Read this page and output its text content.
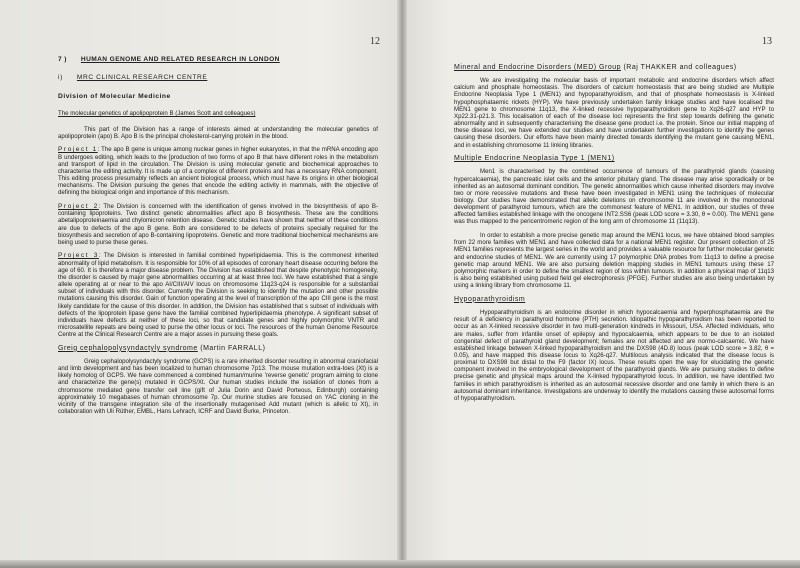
12
7 ) HUMAN GENOME AND RELATED RESEARCH IN LONDON
i) MRC CLINICAL RESEARCH CENTRE
Division of Molecular Medicine
The molecular genetics of apolipoprotein B (James Scott and colleagues)

This part of the Division has a range of interests aimed at understanding the molecular genetics of apolipoprotein (apo) B. Apo B is the principal cholesterol-carrying protein in the blood.

Project 1: The apo B gene is unique among nuclear genes in higher eukaryotes, in that the mRNA encoding apo B undergoes editing, which leads to the [production of two forms of apo B that have different roles in the metabolism and transport of lipid in the circulation. The Division is using molecular genetic and biochemical approaches to characterise the editing activity. It is made up of a complex of different proteins and has a necessary RNA component. This editing process presumably reflects an ancient biological process, which must have its origins in other biological mechanisms. The Division pursuing the genes that encode the editing activity in mammals, with the objective of defining the biological origin and importance of this mechanism.

Project 2: The Division is concerned with the identification of genes involved in the biosynthesis of apo B-containing lipoproteins. Two distinct genetic abnormalities affect apo B biosynthesis. These are the conditions abetalipoproteinaemia and chylomicron retention disease. Genetic studies have shown that neither of these conditions are due to defects of the apo B gene. Both are considered to be defects of proteins specially required for the biosynthesis and secretion of apo B-containing lipoproteins. Genetic and more traditional biochemical mechanisms are being used to purse these genes.

Project 3: The Division is interested in familial combined hyperlipidaemia. This is the commonest inherited abnormality of lipid metabolism. It is responsible for 10% of all episodes of coronary heart disease occurring before the age of 60. It is therefore a major disease problem. The Division has established that despite phenotypic homogeneity, the disorder is caused by major gene abnormalities occurring at at least three loci. We have established that a single allele operating at or near to the apo AI/CIII/AIV locus on chromosome 11q23-q24 is responsible for a substantial subset of individuals with this disorder. Currently the Division is seeking to identify the mutation and other possible mutations causing this disorder. Gain of function operating at the level of transcription of the apo CIII gene is the most likely candidate for the cause of this disorder. In addition, the Division has established that s subset of individuals with defects of the lipoprotein lipase gene have the familial combined hyperlipidaemia phenotype. A significant subset of individuals have defects at neither of these loci, so that candidate genes and highly polymorphic VNTR and microsatellite repeats are being used to purse the other locus or loci. The resources of the human Genome Resource Centre at the Clinical Research Centre are a major asses in pursuing these goals.

Greig cephalopolysyndactyly syndrome (Martin FARRALL)

Greig cephalopolysyndactyly syndrome (GCPS) is a rare inherited disorder resulting in abnormal craniofacial and limb development and has been localized to human chromosome 7p13. The mouse mutation extra-toes (Xt) is a likely homolog of GCPS. We have commenced a combined human/murine 'reverse genetic' program aiming to clone and characterize the gene(s) mutated in GCPS/Xt. Our human studies include the isolation of clones from a chromosome mediated gene transfer cell line (gift of Julia Dorin and David Porteous, Edinburgh) containing approximately 10 megabases of human chromosome 7p. Our murine studies are focused on YAC cloning in the vicinity of the transgene integration site of the insertionally mutagenised Add mutant (which is allelic to Xt), in collaboration with Uli Rüther, EMBL, Hans Lehrach, ICRF and David Burke, Princeton.

13
Mineral and Endocrine Disorders (MED) Group (Raj THAKKER and colleagues)

We are investigating the molecular basis of important metabolic and endocrine disorders which affect calcium and phosphate homeostasis. The disorders of calcium homeostasis that are being studied are Multiple Endocrine Neoplasia Type 1 (MEN1) and hypoparathyroidism, and that of phosphate homeostasis is X-linked hypophosphataemic rickets (HYP). We have previously undertaken family linkage studies and have localised the MEN1 gene to chromosome 11q13, the X-linked recessive hypoparathyroidism gene to Xq26-q27 and HYP to Xp22.31-p21.3. This localisation of each of the disease loci represents the first step towards defining the genetic abnormality and in subsequently characterising the disease gene product i.e. the protein. Since our initial mapping of these disease loci, we have extended our studies and have undertaken further investigations to identify the genes causing these disorders. Our efforts have been mainly directed towards identifying the mutant gene causing MEN1, and in establishing chromosome 11 linking libraries.

Multiple Endocrine Neoplasia Type 1 (MEN1)

Men1 is characterised by the combined occurrence of tumours of the parathyroid glands (causing hypercalcaemia), the pancreatic islet cells and the anterior pituitary gland. The disease may arise sporadically or be inherited as an autosomal dominant condition. The genetic abnormalities which cause inherited disorders may involve two or more recessive mutations and these have been investigated in MEN1 using the techniques of molecular biology. Our studies have demonstrated that allelic deletions on chromosome 11 are involved in the monoclonal development of parathyroid tumours, which are the commonest feature of MEN1. In addition, our studies of three affected families established linkage with the oncogene INT2.SS6 (peak LOD score = 3.30, θ = 0.00). The MEN1 gene was thus mapped to the pericentromeric region of the long arm of chromosome 11 (11q13).

In order to establish a more precise genetic map around the MEN1 locus, we have obtained blood samples from 22 more families with MEN1 and have collected data for a national MEN1 register. Our present collection of 25 MEN1 families represents the largest series in the world and provides a valuable resource for further molecular genetic and endocrine studies of MEN1. We are currently using 17 polymorphic DNA probes from 11q13 to define a precise genetic map around MEN1. We are also pursuing deletion mapping studies in MEN1 tumours using these 17 polymorphic markers in order to define the smallest region of loss within tumours. In addition a physical map of 11q13 is also being established using pulsed field gel electrophoresis (PFGE). Further studies are also being undertaken by using a linking library from chromosome 11.

Hypoparathyroidism

Hypoparathyroidism is an endocrine disorder in which hypocalcaemia and hyperphosphataemia are the result of a deficiency in parathyroid hormone (PTH) secretion. Idiopathic hypoparathyroidism has been reported to occur as an X-linked recessive disorder in two multi-generation kindreds in Missouri, USA. Affected individuals, who are males, suffer from infantile onset of epilepsy and hypocalcaemia, which appears to be due to an isolated congenital defect of parathyroid gland development; females are not affected and are normo-calcaemic. We have established linkage between X-linked hypoparathyroidism and the DXS98 (4D.8) locus (peak LOD score = 3.82, θ = 0.05), and have mapped this disease locus to Xq26-q27. Multilocus analysis indicated that the disease locus is proximal to DXS98 but distal to the F9 (factor IX) locus. These results open the way for elucidating the genetic component involved in the embryological development of the parathyroid glands. We are pursuing studies to define precise genetic and physical maps around the X-linked hypoparathyroid locus. In addition, we have identified two families in which parathyroidism is inherited as an autosomal recessive disorder and one family in which there is an autosomal dominant inheritance. Investigations are underway to identify the mutations causing these autosomal forms of hypoparathyroidism.
